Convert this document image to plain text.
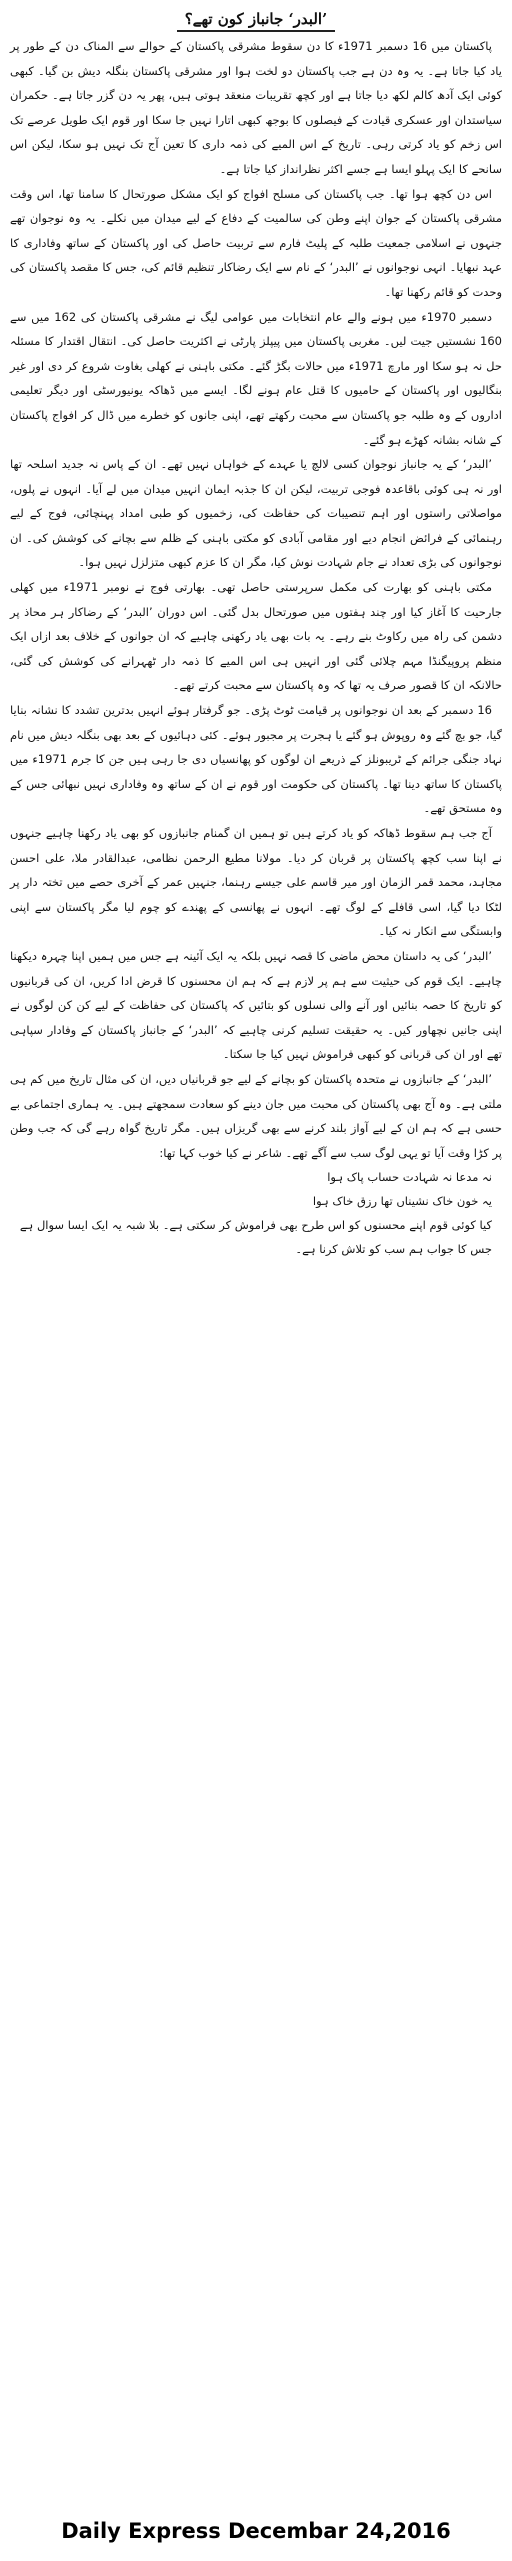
’البدر‘ جانباز کون تھے؟

پاکستان میں 16 دسمبر 1971ء کا دن سقوط مشرقی پاکستان کے حوالے سے المناک دن کے طور پر یاد کیا جاتا ہے۔ یہ وہ دن ہے جب پاکستان دو لخت ہوا اور مشرقی پاکستان بنگلہ دیش بن گیا۔ کبھی کوئی ایک آدھ کالم لکھ دیا جاتا ہے اور کچھ تقریبات منعقد ہوتی ہیں، پھر یہ دن گزر جاتا ہے۔ حکمران سیاستدان اور عسکری قیادت کے فیصلوں کا بوجھ کبھی اتارا نہیں جا سکا اور قوم ایک طویل عرصے تک اس زخم کو یاد کرتی رہی۔ تاریخ کے اس المیے کی ذمہ داری کا تعین آج تک نہیں ہو سکا، لیکن اس سانحے کا ایک پہلو ایسا ہے جسے اکثر نظرانداز کیا جاتا ہے۔

اس دن کچھ ہوا تھا۔ جب پاکستان کی مسلح افواج کو ایک مشکل صورتحال کا سامنا تھا، اس وقت مشرقی پاکستان کے جوان اپنے وطن کی سالمیت کے دفاع کے لیے میدان میں نکلے۔ یہ وہ نوجوان تھے جنہوں نے اسلامی جمعیت طلبہ کے پلیٹ فارم سے تربیت حاصل کی اور پاکستان کے ساتھ وفاداری کا عہد نبھایا۔ انہی نوجوانوں نے ’البدر‘ کے نام سے ایک رضاکار تنظیم قائم کی، جس کا مقصد پاکستان کی وحدت کو قائم رکھنا تھا۔

دسمبر 1970ء میں ہونے والے عام انتخابات میں عوامی لیگ نے مشرقی پاکستان کی 162 میں سے 160 نشستیں جیت لیں۔ مغربی پاکستان میں پیپلز پارٹی نے اکثریت حاصل کی۔ انتقال اقتدار کا مسئلہ حل نہ ہو سکا اور مارچ 1971ء میں حالات بگڑ گئے۔ مکتی باہنی نے کھلی بغاوت شروع کر دی اور غیر بنگالیوں اور پاکستان کے حامیوں کا قتل عام ہونے لگا۔ ایسے میں ڈھاکہ یونیورسٹی اور دیگر تعلیمی اداروں کے وہ طلبہ جو پاکستان سے محبت رکھتے تھے، اپنی جانوں کو خطرے میں ڈال کر افواج پاکستان کے شانہ بشانہ کھڑے ہو گئے۔

’البدر‘ کے یہ جانباز نوجوان کسی لالچ یا عہدے کے خواہاں نہیں تھے۔ ان کے پاس نہ جدید اسلحہ تھا اور نہ ہی کوئی باقاعدہ فوجی تربیت، لیکن ان کا جذبہ ایمان انہیں میدان میں لے آیا۔ انہوں نے پلوں، مواصلاتی راستوں اور اہم تنصیبات کی حفاظت کی، زخمیوں کو طبی امداد پہنچائی، فوج کے لیے رہنمائی کے فرائض انجام دیے اور مقامی آبادی کو مکتی باہنی کے ظلم سے بچانے کی کوشش کی۔ ان نوجوانوں کی بڑی تعداد نے جام شہادت نوش کیا، مگر ان کا عزم کبھی متزلزل نہیں ہوا۔

مکتی باہنی کو بھارت کی مکمل سرپرستی حاصل تھی۔ بھارتی فوج نے نومبر 1971ء میں کھلی جارحیت کا آغاز کیا اور چند ہفتوں میں صورتحال بدل گئی۔ اس دوران ’البدر‘ کے رضاکار ہر محاذ پر دشمن کی راہ میں رکاوٹ بنے رہے۔ یہ بات بھی یاد رکھنی چاہیے کہ ان جوانوں کے خلاف بعد ازاں ایک منظم پروپیگنڈا مہم چلائی گئی اور انہیں ہی اس المیے کا ذمہ دار ٹھہرانے کی کوشش کی گئی، حالانکہ ان کا قصور صرف یہ تھا کہ وہ پاکستان سے محبت کرتے تھے۔

16 دسمبر کے بعد ان نوجوانوں پر قیامت ٹوٹ پڑی۔ جو گرفتار ہوئے انہیں بدترین تشدد کا نشانہ بنایا گیا، جو بچ گئے وہ روپوش ہو گئے یا ہجرت پر مجبور ہوئے۔ کئی دہائیوں کے بعد بھی بنگلہ دیش میں نام نہاد جنگی جرائم کے ٹریبونلز کے ذریعے ان لوگوں کو پھانسیاں دی جا رہی ہیں جن کا جرم 1971ء میں پاکستان کا ساتھ دینا تھا۔ پاکستان کی حکومت اور قوم نے ان کے ساتھ وہ وفاداری نہیں نبھائی جس کے وہ مستحق تھے۔

آج جب ہم سقوط ڈھاکہ کو یاد کرتے ہیں تو ہمیں ان گمنام جانبازوں کو بھی یاد رکھنا چاہیے جنہوں نے اپنا سب کچھ پاکستان پر قربان کر دیا۔ مولانا مطیع الرحمن نظامی، عبدالقادر ملا، علی احسن مجاہد، محمد قمر الزمان اور میر قاسم علی جیسے رہنما، جنہیں عمر کے آخری حصے میں تختہ دار پر لٹکا دیا گیا، اسی قافلے کے لوگ تھے۔ انہوں نے پھانسی کے پھندے کو چوم لیا مگر پاکستان سے اپنی وابستگی سے انکار نہ کیا۔

’البدر‘ کی یہ داستان محض ماضی کا قصہ نہیں بلکہ یہ ایک آئینہ ہے جس میں ہمیں اپنا چہرہ دیکھنا چاہیے۔ ایک قوم کی حیثیت سے ہم پر لازم ہے کہ ہم ان محسنوں کا قرض ادا کریں، ان کی قربانیوں کو تاریخ کا حصہ بنائیں اور آنے والی نسلوں کو بتائیں کہ پاکستان کی حفاظت کے لیے کن کن لوگوں نے اپنی جانیں نچھاور کیں۔ یہ حقیقت تسلیم کرنی چاہیے کہ ’البدر‘ کے جانباز پاکستان کے وفادار سپاہی تھے اور ان کی قربانی کو کبھی فراموش نہیں کیا جا سکتا۔

’البدر‘ کے جانبازوں نے متحدہ پاکستان کو بچانے کے لیے جو قربانیاں دیں، ان کی مثال تاریخ میں کم ہی ملتی ہے۔ وہ آج بھی پاکستان کی محبت میں جان دینے کو سعادت سمجھتے ہیں۔ یہ ہماری اجتماعی بے حسی ہے کہ ہم ان کے لیے آواز بلند کرنے سے بھی گریزاں ہیں۔ مگر تاریخ گواہ رہے گی کہ جب وطن پر کڑا وقت آیا تو یہی لوگ سب سے آگے تھے۔ شاعر نے کیا خوب کہا تھا:

نہ مدعا نہ شہادت حساب پاک ہوا
یہ خون خاک نشیناں تھا رزق خاک ہوا
کیا کوئی قوم اپنے محسنوں کو اس طرح بھی فراموش کر سکتی ہے۔ بلا شبہ یہ ایک ایسا سوال ہے جس کا جواب ہم سب کو تلاش کرنا ہے۔
Daily Express Decembar 24,2016
